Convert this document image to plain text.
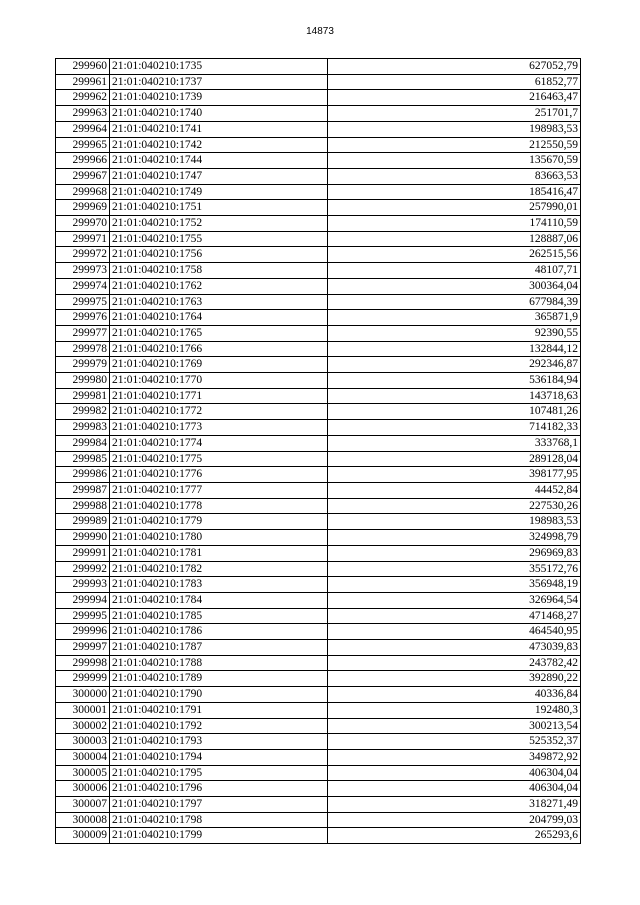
14873
299960	21:01:040210:1735	627052,79
299961	21:01:040210:1737	61852,77
299962	21:01:040210:1739	216463,47
299963	21:01:040210:1740	251701,7
299964	21:01:040210:1741	198983,53
299965	21:01:040210:1742	212550,59
299966	21:01:040210:1744	135670,59
299967	21:01:040210:1747	83663,53
299968	21:01:040210:1749	185416,47
299969	21:01:040210:1751	257990,01
299970	21:01:040210:1752	174110,59
299971	21:01:040210:1755	128887,06
299972	21:01:040210:1756	262515,56
299973	21:01:040210:1758	48107,71
299974	21:01:040210:1762	300364,04
299975	21:01:040210:1763	677984,39
299976	21:01:040210:1764	365871,9
299977	21:01:040210:1765	92390,55
299978	21:01:040210:1766	132844,12
299979	21:01:040210:1769	292346,87
299980	21:01:040210:1770	536184,94
299981	21:01:040210:1771	143718,63
299982	21:01:040210:1772	107481,26
299983	21:01:040210:1773	714182,33
299984	21:01:040210:1774	333768,1
299985	21:01:040210:1775	289128,04
299986	21:01:040210:1776	398177,95
299987	21:01:040210:1777	44452,84
299988	21:01:040210:1778	227530,26
299989	21:01:040210:1779	198983,53
299990	21:01:040210:1780	324998,79
299991	21:01:040210:1781	296969,83
299992	21:01:040210:1782	355172,76
299993	21:01:040210:1783	356948,19
299994	21:01:040210:1784	326964,54
299995	21:01:040210:1785	471468,27
299996	21:01:040210:1786	464540,95
299997	21:01:040210:1787	473039,83
299998	21:01:040210:1788	243782,42
299999	21:01:040210:1789	392890,22
300000	21:01:040210:1790	40336,84
300001	21:01:040210:1791	192480,3
300002	21:01:040210:1792	300213,54
300003	21:01:040210:1793	525352,37
300004	21:01:040210:1794	349872,92
300005	21:01:040210:1795	406304,04
300006	21:01:040210:1796	406304,04
300007	21:01:040210:1797	318271,49
300008	21:01:040210:1798	204799,03
300009	21:01:040210:1799	265293,6
